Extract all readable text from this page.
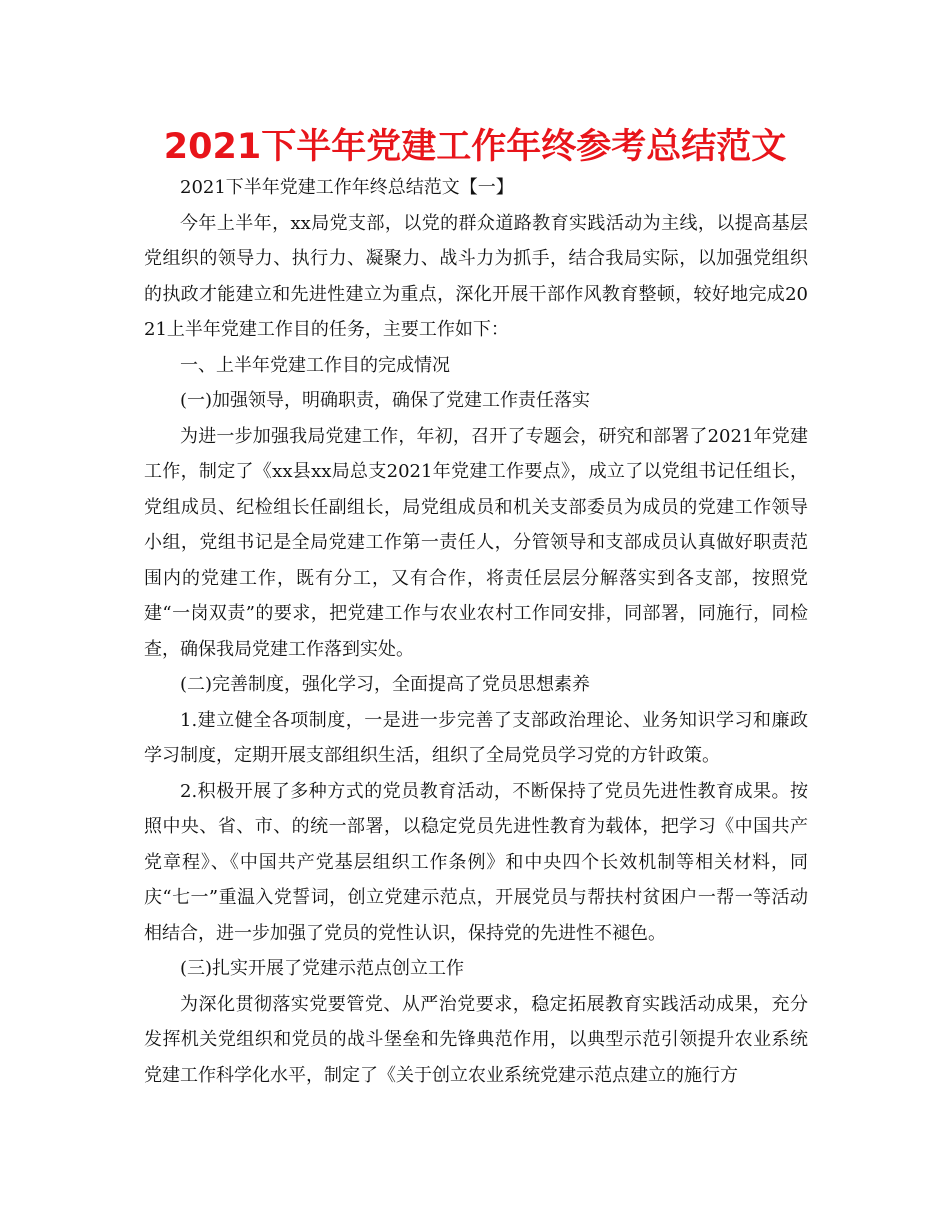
2021下半年党建工作年终参考总结范文

2021下半年党建工作年终总结范文【一】

今年上半年，xx局党支部，以党的群众道路教育实践活动为主线，以提高基层党组织的领导力、执行力、凝聚力、战斗力为抓手，结合我局实际，以加强党组织的执政才能建立和先进性建立为重点，深化开展干部作风教育整顿，较好地完成2021上半年党建工作目的任务，主要工作如下：

一、上半年党建工作目的完成情况

(一)加强领导，明确职责，确保了党建工作责任落实

为进一步加强我局党建工作，年初，召开了专题会，研究和部署了2021年党建工作，制定了《xx县xx局总支2021年党建工作要点》，成立了以党组书记任组长，党组成员、纪检组长任副组长，局党组成员和机关支部委员为成员的党建工作领导小组，党组书记是全局党建工作第一责任人，分管领导和支部成员认真做好职责范围内的党建工作，既有分工，又有合作，将责任层层分解落实到各支部，按照党建“一岗双责”的要求，把党建工作与农业农村工作同安排，同部署，同施行，同检查，确保我局党建工作落到实处。

(二)完善制度，强化学习，全面提高了党员思想素养

1.建立健全各项制度，一是进一步完善了支部政治理论、业务知识学习和廉政学习制度，定期开展支部组织生活，组织了全局党员学习党的方针政策。

2.积极开展了多种方式的党员教育活动，不断保持了党员先进性教育成果。按照中央、省、市、的统一部署，以稳定党员先进性教育为载体，把学习《中国共产党章程》、《中国共产党基层组织工作条例》和中央四个长效机制等相关材料，同庆“七一”重温入党誓词，创立党建示范点，开展党员与帮扶村贫困户一帮一等活动相结合，进一步加强了党员的党性认识，保持党的先进性不褪色。

(三)扎实开展了党建示范点创立工作

为深化贯彻落实党要管党、从严治党要求，稳定拓展教育实践活动成果，充分发挥机关党组织和党员的战斗堡垒和先锋典范作用，以典型示范引领提升农业系统党建工作科学化水平，制定了《关于创立农业系统党建示范点建立的施行方
